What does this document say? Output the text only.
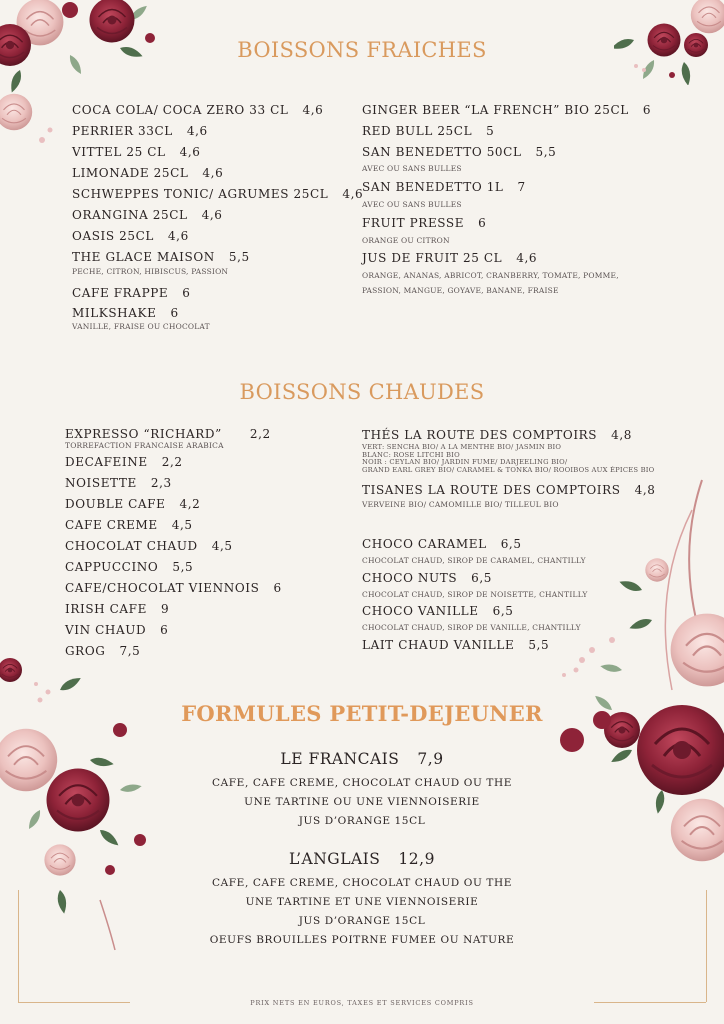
BOISSONS FRAICHES
COCA COLA/ COCA ZERO 33 CL 4,6
PERRIER 33CL 4,6
VITTEL 25 CL 4,6
LIMONADE 25CL 4,6
SCHWEPPES TONIC/ AGRUMES 25CL 4,6
ORANGINA 25CL 4,6
OASIS 25CL 4,6
THE GLACE MAISON 5,5
PECHE, CITRON, HIBISCUS, PASSION
CAFE FRAPPE 6
MILKSHAKE 6
VANILLE, FRAISE OU CHOCOLAT
GINGER BEER “LA FRENCH” BIO 25CL 6
RED BULL 25CL 5
SAN BENEDETTO 50CL 5,5
AVEC OU SANS BULLES
SAN BENEDETTO 1L 7
AVEC OU SANS BULLES
FRUIT PRESSE 6
ORANGE OU CITRON
JUS DE FRUIT 25 CL 4,6
ORANGE, ANANAS, ABRICOT, CRANBERRY, TOMATE, POMME,
PASSION, MANGUE, GOYAVE, BANANE, FRAISE
BOISSONS CHAUDES
EXPRESSO “RICHARD” 2,2
TORREFACTION FRANCAISE ARABICA
DECAFEINE 2,2
NOISETTE 2,3
DOUBLE CAFE 4,2
CAFE CREME 4,5
CHOCOLAT CHAUD 4,5
CAPPUCCINO 5,5
CAFE/CHOCOLAT VIENNOIS 6
IRISH CAFE 9
VIN CHAUD 6
GROG 7,5
THÉS LA ROUTE DES COMPTOIRS 4,8
VERT: SENCHA BIO/ A LA MENTHE BIO/ JASMIN BIO
BLANC: ROSE LITCHI BIO
NOIR : CEYLAN BIO/ JARDIN FUME/ DARJEELING BIO/
GRAND EARL GREY BIO/ CARAMEL & TONKA BIO/ ROOIBOS AUX ÉPICES BIO
TISANES LA ROUTE DES COMPTOIRS 4,8
VERVEINE BIO/ CAMOMILLE BIO/ TILLEUL BIO
CHOCO CARAMEL 6,5
CHOCOLAT CHAUD, SIROP DE CARAMEL, CHANTILLY
CHOCO NUTS 6,5
CHOCOLAT CHAUD, SIROP DE NOISETTE, CHANTILLY
CHOCO VANILLE 6,5
CHOCOLAT CHAUD, SIROP DE VANILLE, CHANTILLY
LAIT CHAUD VANILLE 5,5
FORMULES PETIT-DEJEUNER
LE FRANCAIS 7,9
CAFE, CAFE CREME, CHOCOLAT CHAUD OU THE
UNE TARTINE OU UNE VIENNOISERIE
JUS D’ORANGE 15CL
L’ANGLAIS 12,9
CAFE, CAFE CREME, CHOCOLAT CHAUD OU THE
UNE TARTINE ET UNE VIENNOISERIE
JUS D’ORANGE 15CL
OEUFS BROUILLES POITRNE FUMEE OU NATURE
PRIX NETS EN EUROS, TAXES ET SERVICES COMPRIS
